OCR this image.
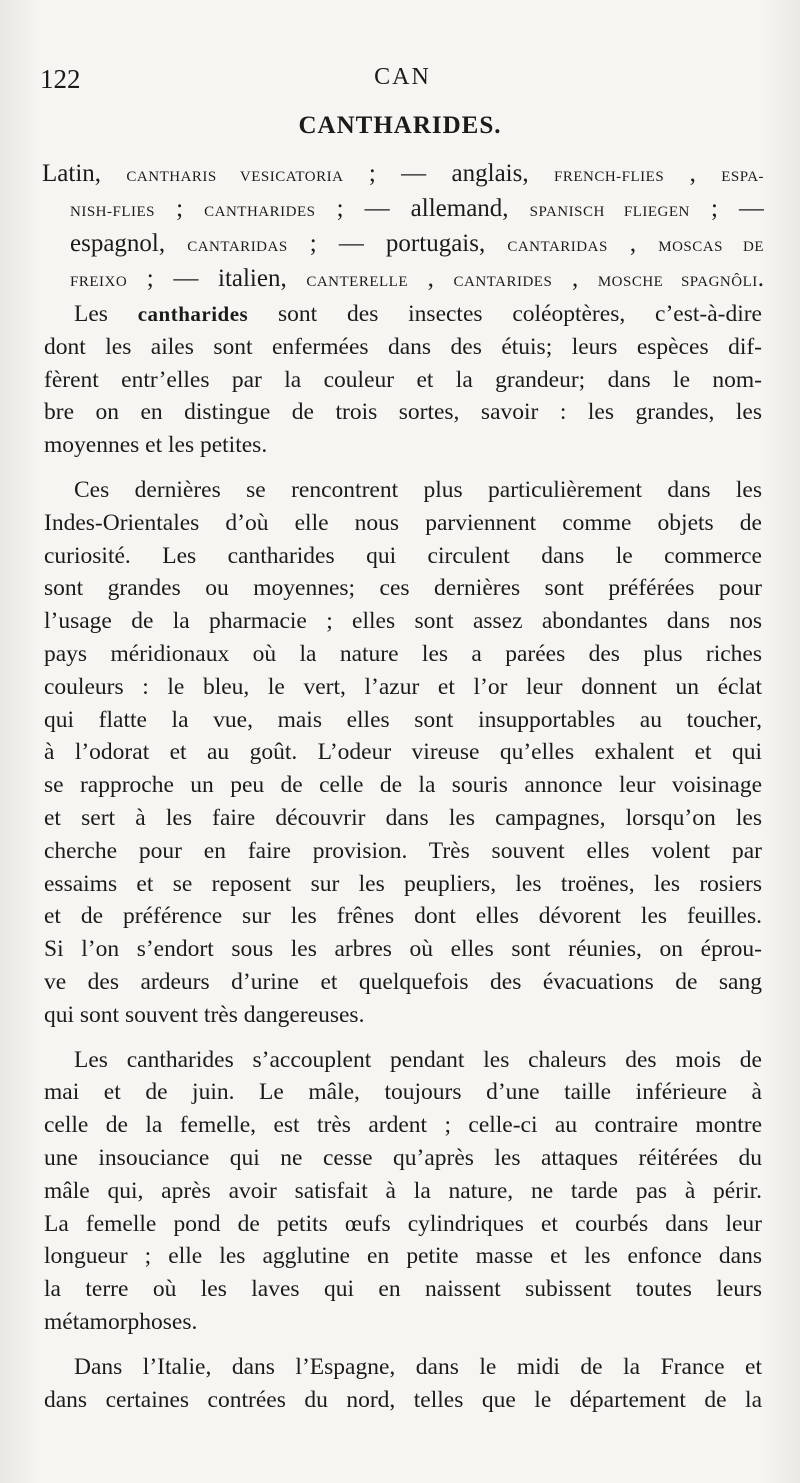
122	CAN
CANTHARIDES.
Latin, CANTHARIS VESICATORIA ; — anglais, FRENCH-FLIES , ESPA-
NISH-FLIES ; CANTHARIDES ; — allemand, SPANISCH FLIEGEN ; —
espagnol, CANTARIDAS ; — portugais, CANTARIDAS , MOSCAS DE
FREIXO ; — italien, CANTERELLE , CANTARIDES , MOSCHE SPAGNÔLI.
Les cantharides sont des insectes coléoptères, c’est-à-dire
dont les ailes sont enfermées dans des étuis; leurs espèces dif-
fèrent entr’elles par la couleur et la grandeur; dans le nom-
bre on en distingue de trois sortes, savoir : les grandes, les
moyennes et les petites.
Ces dernières se rencontrent plus particulièrement dans les
Indes-Orientales d’où elle nous parviennent comme objets de
curiosité. Les cantharides qui circulent dans le commerce
sont grandes ou moyennes; ces dernières sont préférées pour
l’usage de la pharmacie ; elles sont assez abondantes dans nos
pays méridionaux où la nature les a parées des plus riches
couleurs : le bleu, le vert, l’azur et l’or leur donnent un éclat
qui flatte la vue, mais elles sont insupportables au toucher,
à l’odorat et au goût. L’odeur vireuse qu’elles exhalent et qui
se rapproche un peu de celle de la souris annonce leur voisinage
et sert à les faire découvrir dans les campagnes, lorsqu’on les
cherche pour en faire provision. Très souvent elles volent par
essaims et se reposent sur les peupliers, les troënes, les rosiers
et de préférence sur les frênes dont elles dévorent les feuilles.
Si l’on s’endort sous les arbres où elles sont réunies, on éprou-
ve des ardeurs d’urine et quelquefois des évacuations de sang
qui sont souvent très dangereuses.
Les cantharides s’accouplent pendant les chaleurs des mois de
mai et de juin. Le mâle, toujours d’une taille inférieure à
celle de la femelle, est très ardent ; celle-ci au contraire montre
une insouciance qui ne cesse qu’après les attaques réitérées du
mâle qui, après avoir satisfait à la nature, ne tarde pas à périr.
La femelle pond de petits œufs cylindriques et courbés dans leur
longueur ; elle les agglutine en petite masse et les enfonce dans
la terre où les laves qui en naissent subissent toutes leurs
métamorphoses.
Dans l’Italie, dans l’Espagne, dans le midi de la France et
dans certaines contrées du nord, telles que le département de la
